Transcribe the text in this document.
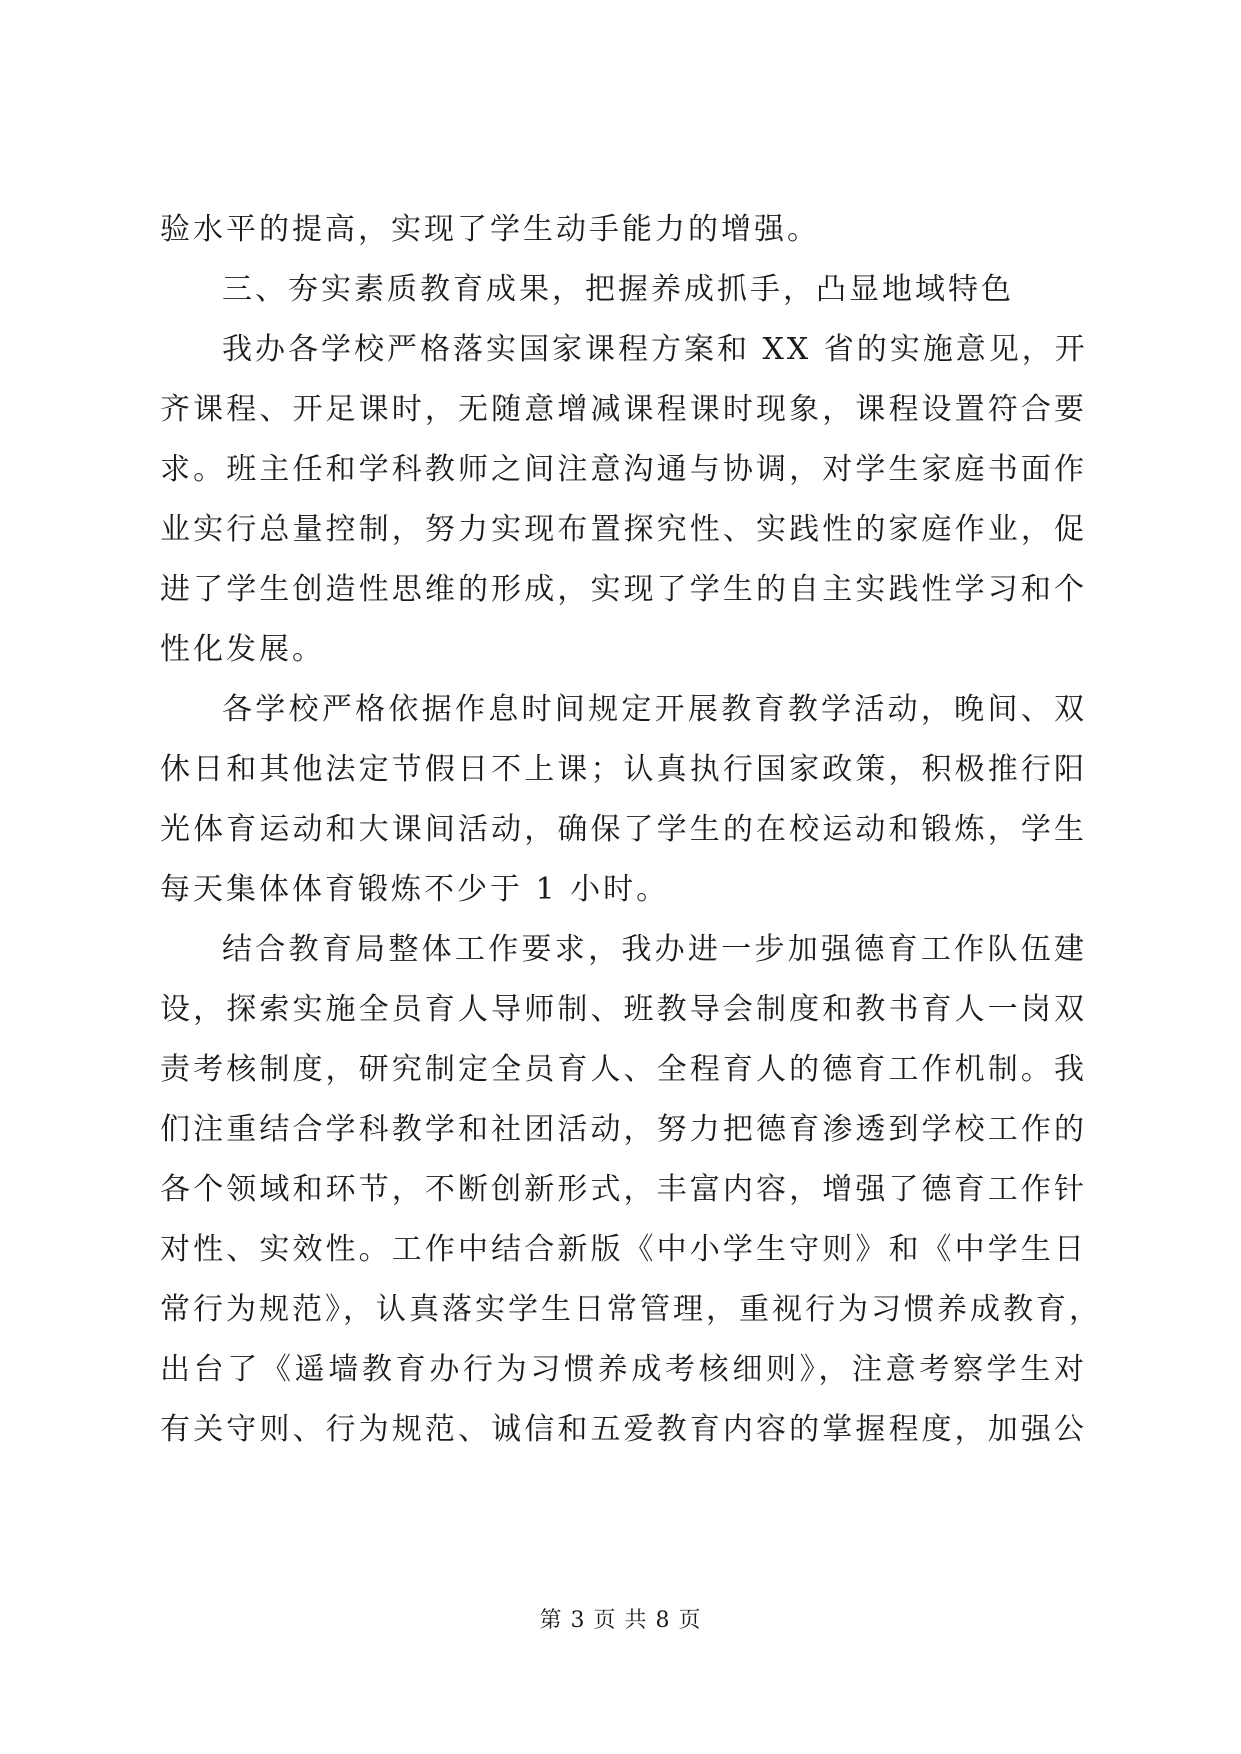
验水平的提高，实现了学生动手能力的增强。
三、夯实素质教育成果，把握养成抓手，凸显地域特色
我办各学校严格落实国家课程方案和 XX 省的实施意见，开
齐课程、开足课时，无随意增减课程课时现象，课程设置符合要
求。班主任和学科教师之间注意沟通与协调，对学生家庭书面作
业实行总量控制，努力实现布置探究性、实践性的家庭作业，促
进了学生创造性思维的形成，实现了学生的自主实践性学习和个
性化发展。
各学校严格依据作息时间规定开展教育教学活动，晚间、双
休日和其他法定节假日不上课；认真执行国家政策，积极推行阳
光体育运动和大课间活动，确保了学生的在校运动和锻炼，学生
每天集体体育锻炼不少于 1 小时。
结合教育局整体工作要求，我办进一步加强德育工作队伍建
设，探索实施全员育人导师制、班教导会制度和教书育人一岗双
责考核制度，研究制定全员育人、全程育人的德育工作机制。我
们注重结合学科教学和社团活动，努力把德育渗透到学校工作的
各个领域和环节，不断创新形式，丰富内容，增强了德育工作针
对性、实效性。工作中结合新版《中小学生守则》和《中学生日
常行为规范》，认真落实学生日常管理，重视行为习惯养成教育，
出台了《遥墙教育办行为习惯养成考核细则》，注意考察学生对
有关守则、行为规范、诚信和五爱教育内容的掌握程度，加强公
第 3 页 共 8 页
